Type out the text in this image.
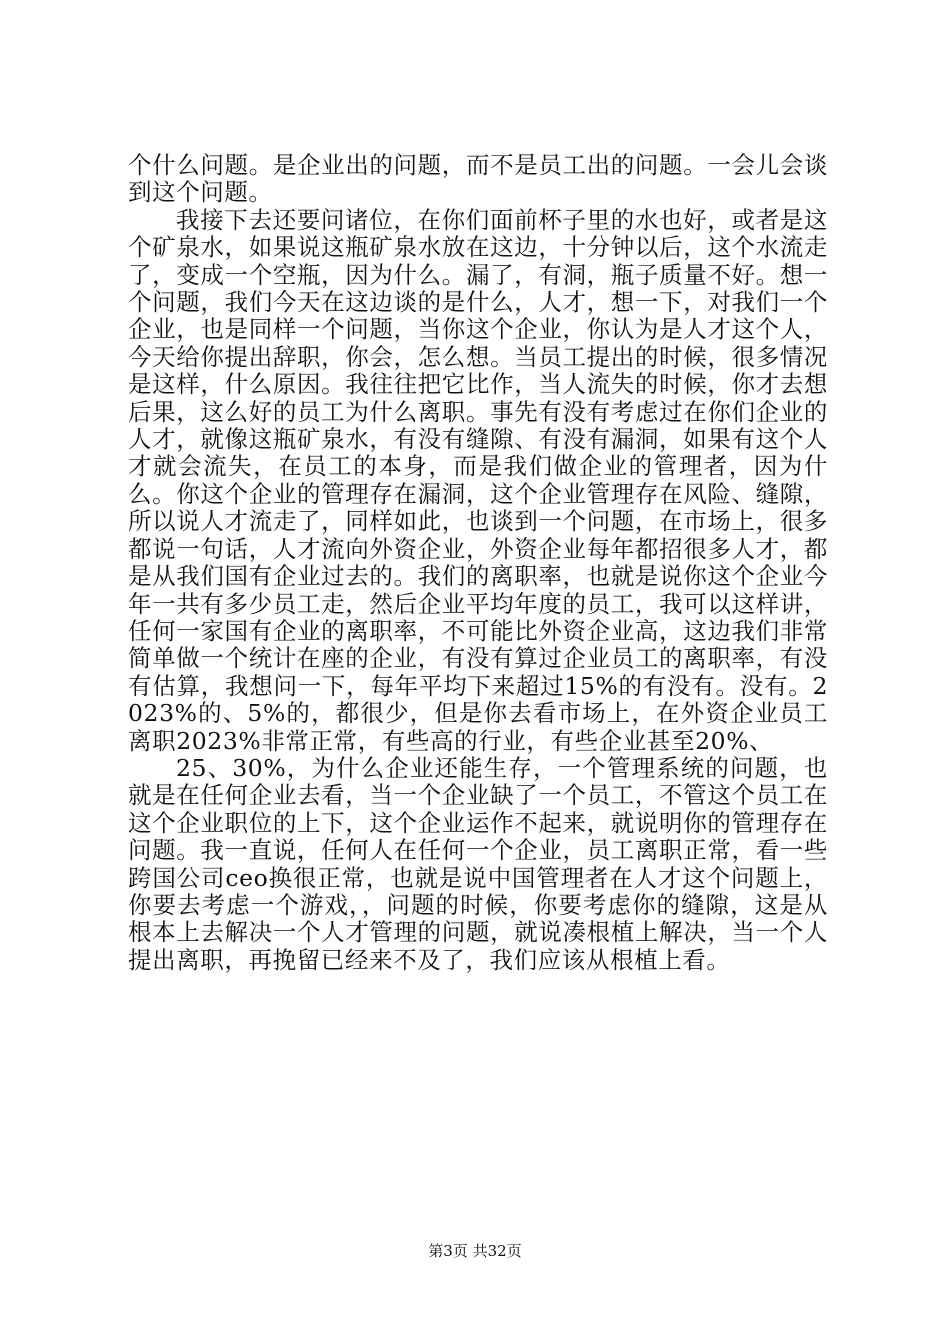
个什么问题。是企业出的问题，而不是员工出的问题。一会儿会谈到这个问题。

我接下去还要问诸位，在你们面前杯子里的水也好，或者是这个矿泉水，如果说这瓶矿泉水放在这边，十分钟以后，这个水流走了，变成一个空瓶，因为什么。漏了，有洞，瓶子质量不好。想一个问题，我们今天在这边谈的是什么，人才，想一下，对我们一个企业，也是同样一个问题，当你这个企业，你认为是人才这个人，今天给你提出辞职，你会，怎么想。当员工提出的时候，很多情况是这样，什么原因。我往往把它比作，当人流失的时候，你才去想后果，这么好的员工为什么离职。事先有没有考虑过在你们企业的人才，就像这瓶矿泉水，有没有缝隙、有没有漏洞，如果有这个人才就会流失，在员工的本身，而是我们做企业的管理者，因为什么。你这个企业的管理存在漏洞，这个企业管理存在风险、缝隙，所以说人才流走了，同样如此，也谈到一个问题，在市场上，很多都说一句话，人才流向外资企业，外资企业每年都招很多人才，都是从我们国有企业过去的。我们的离职率，也就是说你这个企业今年一共有多少员工走，然后企业平均年度的员工，我可以这样讲，任何一家国有企业的离职率，不可能比外资企业高，这边我们非常简单做一个统计在座的企业，有没有算过企业员工的离职率，有没有估算，我想问一下，每年平均下来超过15%的有没有。没有。2023%的、5%的，都很少，但是你去看市场上，在外资企业员工离职2023%非常正常，有些高的行业，有些企业甚至20%、

25、30%，为什么企业还能生存，一个管理系统的问题，也就是在任何企业去看，当一个企业缺了一个员工，不管这个员工在这个企业职位的上下，这个企业运作不起来，就说明你的管理存在问题。我一直说，任何人在任何一个企业，员工离职正常，看一些跨国公司ceo换很正常，也就是说中国管理者在人才这个问题上，你要去考虑一个游戏，，问题的时候，你要考虑你的缝隙，这是从根本上去解决一个人才管理的问题，就说凑根植上解决，当一个人提出离职，再挽留已经来不及了，我们应该从根植上看。

第3页 共32页
